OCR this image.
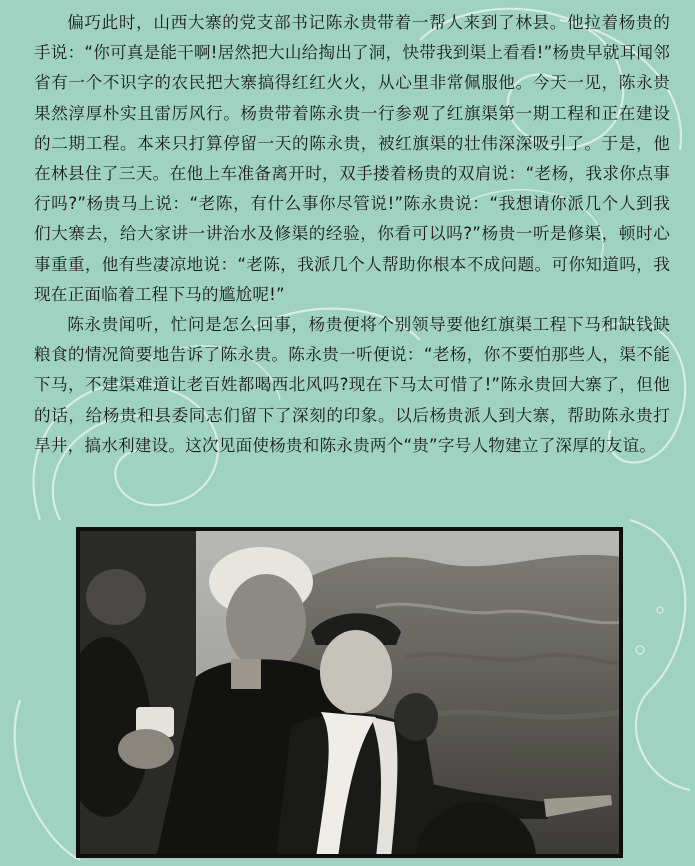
偏巧此时，山西大寨的党支部书记陈永贵带着一帮人来到了林县。他拉着杨贵的手说：“你可真是能干啊!居然把大山给掏出了洞，快带我到渠上看看!”杨贵早就耳闻邻省有一个不识字的农民把大寨搞得红红火火，从心里非常佩服他。今天一见，陈永贵果然淳厚朴实且雷厉风行。杨贵带着陈永贵一行参观了红旗渠第一期工程和正在建设的二期工程。本来只打算停留一天的陈永贵，被红旗渠的壮伟深深吸引了。于是，他在林县住了三天。在他上车准备离开时，双手搂着杨贵的双肩说：“老杨，我求你点事行吗?”杨贵马上说：“老陈，有什么事你尽管说!”陈永贵说：“我想请你派几个人到我们大寨去，给大家讲一讲治水及修渠的经验，你看可以吗?”杨贵一听是修渠，顿时心事重重，他有些凄凉地说：“老陈，我派几个人帮助你根本不成问题。可你知道吗，我现在正面临着工程下马的尴尬呢!”

陈永贵闻听，忙问是怎么回事，杨贵便将个别领导要他红旗渠工程下马和缺钱缺粮食的情况简要地告诉了陈永贵。陈永贵一听便说：“老杨，你不要怕那些人，渠不能下马，不建渠难道让老百姓都喝西北风吗?现在下马太可惜了!”陈永贵回大寨了，但他的话，给杨贵和县委同志们留下了深刻的印象。以后杨贵派人到大寨，帮助陈永贵打旱井，搞水利建设。这次见面使杨贵和陈永贵两个“贵”字号人物建立了深厚的友谊。
